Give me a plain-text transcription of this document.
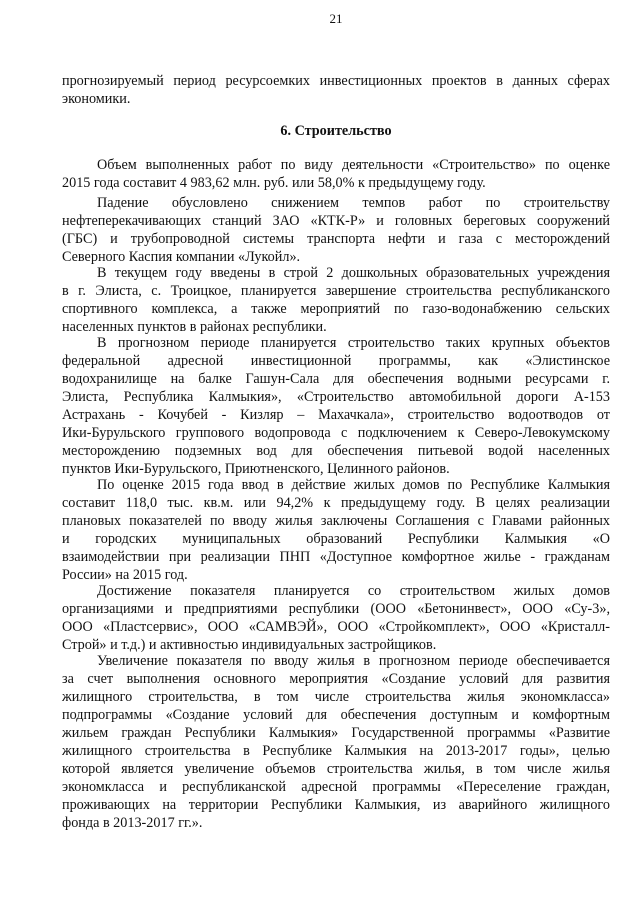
21
прогнозируемый период ресурсоемких инвестиционных проектов в данных сферах
экономики.
6. Строительство
Объем выполненных работ по виду деятельности «Строительство» по оценке
2015 года составит 4 983,62 млн. руб. или 58,0% к предыдущему году.
Падение обусловлено снижением темпов работ по строительству
нефтеперекачивающих станций ЗАО «КТК-Р» и головных береговых сооружений
(ГБС) и трубопроводной системы транспорта нефти и газа с месторождений
Северного Каспия компании «Лукойл».
В текущем году введены в строй 2 дошкольных образовательных учреждения
в г. Элиста, с. Троицкое, планируется завершение строительства республиканского
спортивного комплекса, а также мероприятий по газо-водонабжению сельских
населенных пунктов в районах республики.
В прогнозном периоде планируется строительство таких крупных объектов
федеральной адресной инвестиционной программы, как «Элистинское
водохранилище на балке Гашун-Сала для обеспечения водными ресурсами г.
Элиста, Республика Калмыкия», «Строительство автомобильной дороги А-153
Астрахань - Кочубей - Кизляр – Махачкала», строительство водоотводов от
Ики-Бурульского группового водопровода с подключением к Северо-Левокумскому
месторождению подземных вод для обеспечения питьевой водой населенных
пунктов Ики-Бурульского, Приютненского, Целинного районов.
По оценке 2015 года ввод в действие жилых домов по Республике Калмыкия
составит 118,0 тыс. кв.м. или 94,2% к предыдущему году. В целях реализации
плановых показателей по вводу жилья заключены Соглашения с Главами районных
и городских муниципальных образований Республики Калмыкия «О
взаимодействии при реализации ПНП «Доступное комфортное жилье - гражданам
России» на 2015 год.
Достижение показателя планируется со строительством жилых домов
организациями и предприятиями республики (ООО «Бетонинвест», ООО «Су-3»,
ООО «Пластсервис», ООО «САМВЭЙ», ООО «Стройкомплект», ООО «Кристалл-
Строй» и т.д.) и активностью индивидуальных застройщиков.
Увеличение показателя по вводу жилья в прогнозном периоде обеспечивается
за счет выполнения основного мероприятия «Создание условий для развития
жилищного строительства, в том числе строительства жилья экономкласса»
подпрограммы «Создание условий для обеспечения доступным и комфортным
жильем граждан Республики Калмыкия» Государственной программы «Развитие
жилищного строительства в Республике Калмыкия на 2013-2017 годы», целью
которой является увеличение объемов строительства жилья, в том числе жилья
экономкласса и республиканской адресной программы «Переселение граждан,
проживающих на территории Республики Калмыкия, из аварийного жилищного
фонда в 2013-2017 гг.».
